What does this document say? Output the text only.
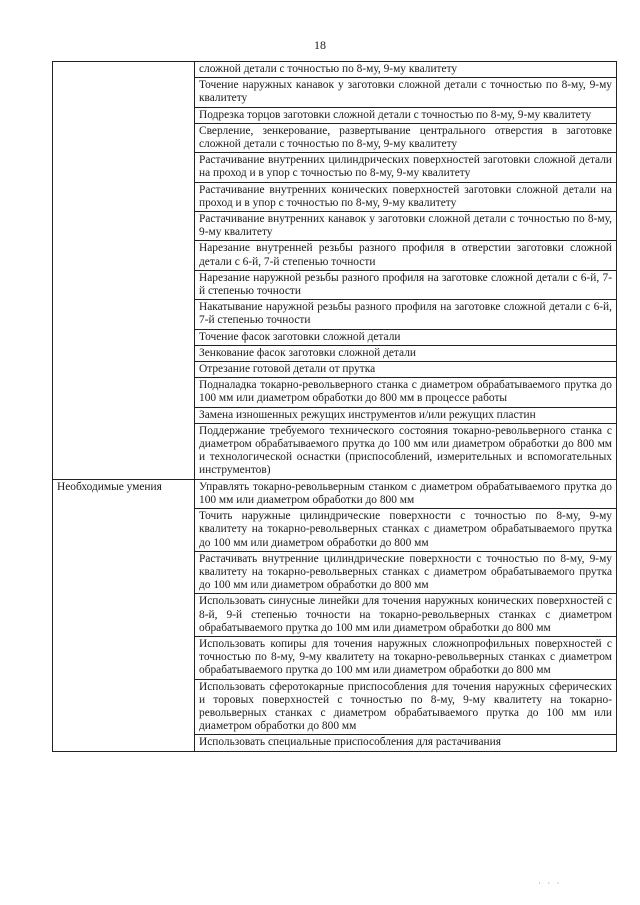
18
	сложной детали с точностью по 8-му, 9-му квалитету
	Точение наружных канавок у заготовки сложной детали с точностью по 8-му, 9-му квалитету
	Подрезка торцов заготовки сложной детали с точностью по 8-му, 9-му квалитету
	Сверление, зенкерование, развертывание центрального отверстия в заготовке сложной детали с точностью по 8-му, 9-му квалитету
	Растачивание внутренних цилиндрических поверхностей заготовки сложной детали на проход и в упор с точностью по 8-му, 9-му квалитету
	Растачивание внутренних конических поверхностей заготовки сложной детали на проход и в упор с точностью по 8-му, 9-му квалитету
	Растачивание внутренних канавок у заготовки сложной детали с точностью по 8-му, 9-му квалитету
	Нарезание внутренней резьбы разного профиля в отверстии заготовки сложной детали с 6-й, 7-й степенью точности
	Нарезание наружной резьбы разного профиля на заготовке сложной детали с 6-й, 7-й степенью точности
	Накатывание наружной резьбы разного профиля на заготовке сложной детали с 6-й, 7-й степенью точности
	Точение фасок заготовки сложной детали
	Зенкование фасок заготовки сложной детали
	Отрезание готовой детали от прутка
	Подналадка токарно-револьверного станка с диаметром обрабатываемого прутка до 100 мм или диаметром обработки до 800 мм в процессе работы
	Замена изношенных режущих инструментов и/или режущих пластин
	Поддержание требуемого технического состояния токарно-револьверного станка с диаметром обрабатываемого прутка до 100 мм или диаметром обработки до 800 мм и технологической оснастки (приспособлений, измерительных и вспомогательных инструментов)
Необходимые умения	Управлять токарно-револьверным станком с диаметром обрабатываемого прутка до 100 мм или диаметром обработки до 800 мм
	Точить наружные цилиндрические поверхности с точностью по 8-му, 9-му квалитету на токарно-револьверных станках с диаметром обрабатываемого прутка до 100 мм или диаметром обработки до 800 мм
	Растачивать внутренние цилиндрические поверхности с точностью по 8-му, 9-му квалитету на токарно-револьверных станках с диаметром обрабатываемого прутка до 100 мм или диаметром обработки до 800 мм
	Использовать синусные линейки для точения наружных конических поверхностей с 8-й, 9-й степенью точности на токарно-револьверных станках с диаметром обрабатываемого прутка до 100 мм или диаметром обработки до 800 мм
	Использовать копиры для точения наружных сложнопрофильных поверхностей с точностью по 8-му, 9-му квалитету на токарно-револьверных станках с диаметром обрабатываемого прутка до 100 мм или диаметром обработки до 800 мм
	Использовать сферотокарные приспособления для точения наружных сферических и торовых поверхностей с точностью по 8-му, 9-му квалитету на токарно-револьверных станках с диаметром обрабатываемого прутка до 100 мм или диаметром обработки до 800 мм
	Использовать специальные приспособления для растачивания
· · ·
